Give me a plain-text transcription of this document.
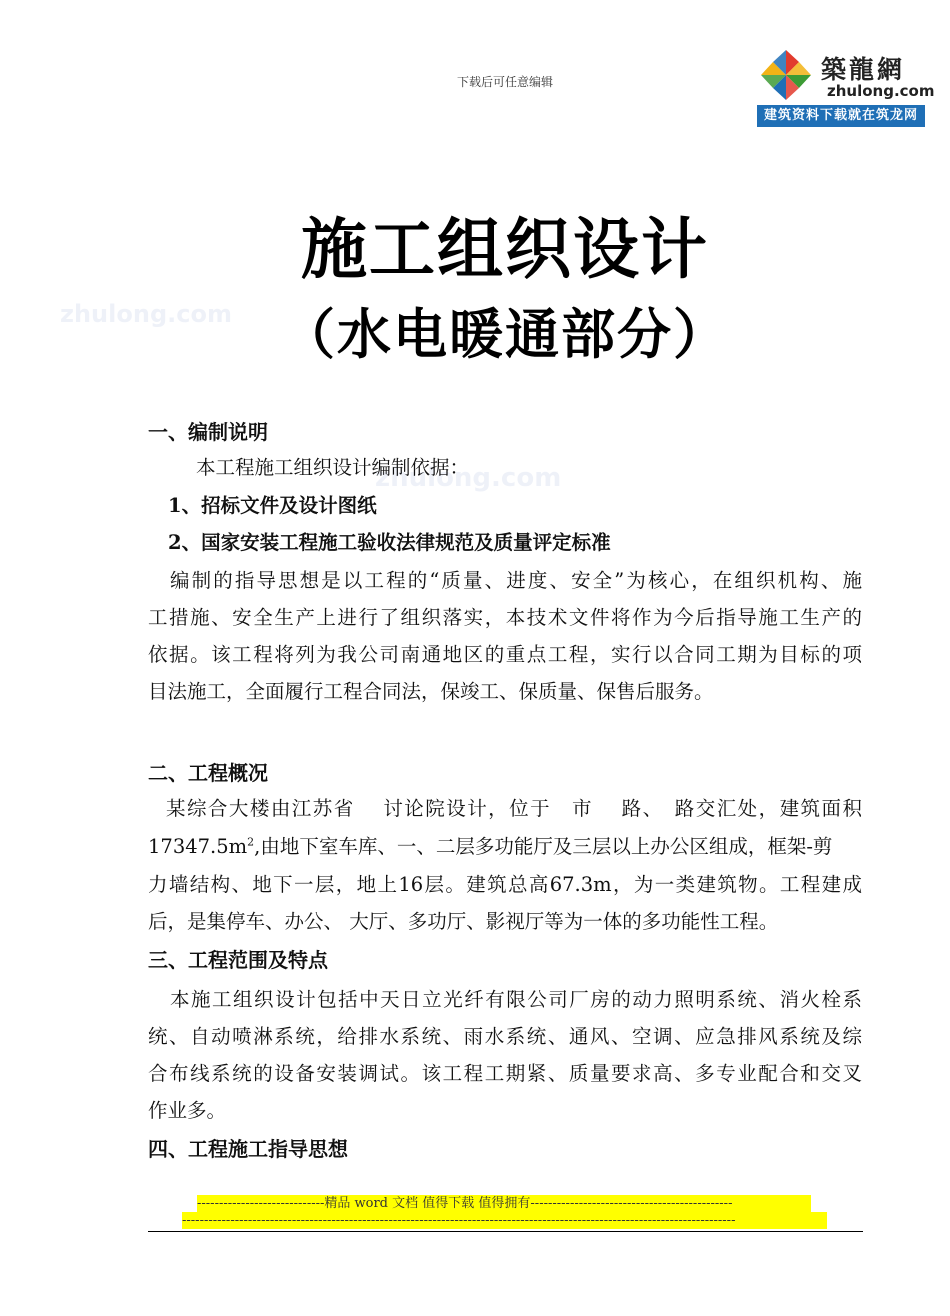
下载后可任意编辑	築龍網
zhulong.com
建筑资料下载就在筑龙网
zhulong.com
zhulong.com
施工组织设计
（水电暖通部分）
一、编制说明
本工程施工组织设计编制依据：
1、招标文件及设计图纸
2、国家安装工程施工验收法律规范及质量评定标准
编制的指导思想是以工程的“质量、进度、安全”为核心，在组织机构、施
工措施、安全生产上进行了组织落实，本技术文件将作为今后指导施工生产的
依据。该工程将列为我公司南通地区的重点工程，实行以合同工期为目标的项
目法施工，全面履行工程合同法，保竣工、保质量、保售后服务。
二、工程概况
某综合大楼由江苏省　 讨论院设计，位于　市　 路、　路交汇处，建筑面积
$17347.5m^2$,由地下室车库、一、二层多功能厅及三层以上办公区组成，框架-剪
力墙结构、地下一层，地上16层。建筑总高67.3m，为一类建筑物。工程建成
后，是集停车、办公、 大厅、多功厅、影视厅等为一体的多功能性工程。
三、工程范围及特点
本施工组织设计包括中天日立光纤有限公司厂房的动力照明系统、消火栓系
统、自动喷淋系统，给排水系统、雨水系统、通风、空调、应急排风系统及综
合布线系统的设备安装调试。该工程工期紧、质量要求高、多专业配合和交叉
作业多。
四、工程施工指导思想
-----------------------------精品 word 文档 值得下载 值得拥有----------------------------------------------
------------------------------------------------------------------------------------------------------------------------------
